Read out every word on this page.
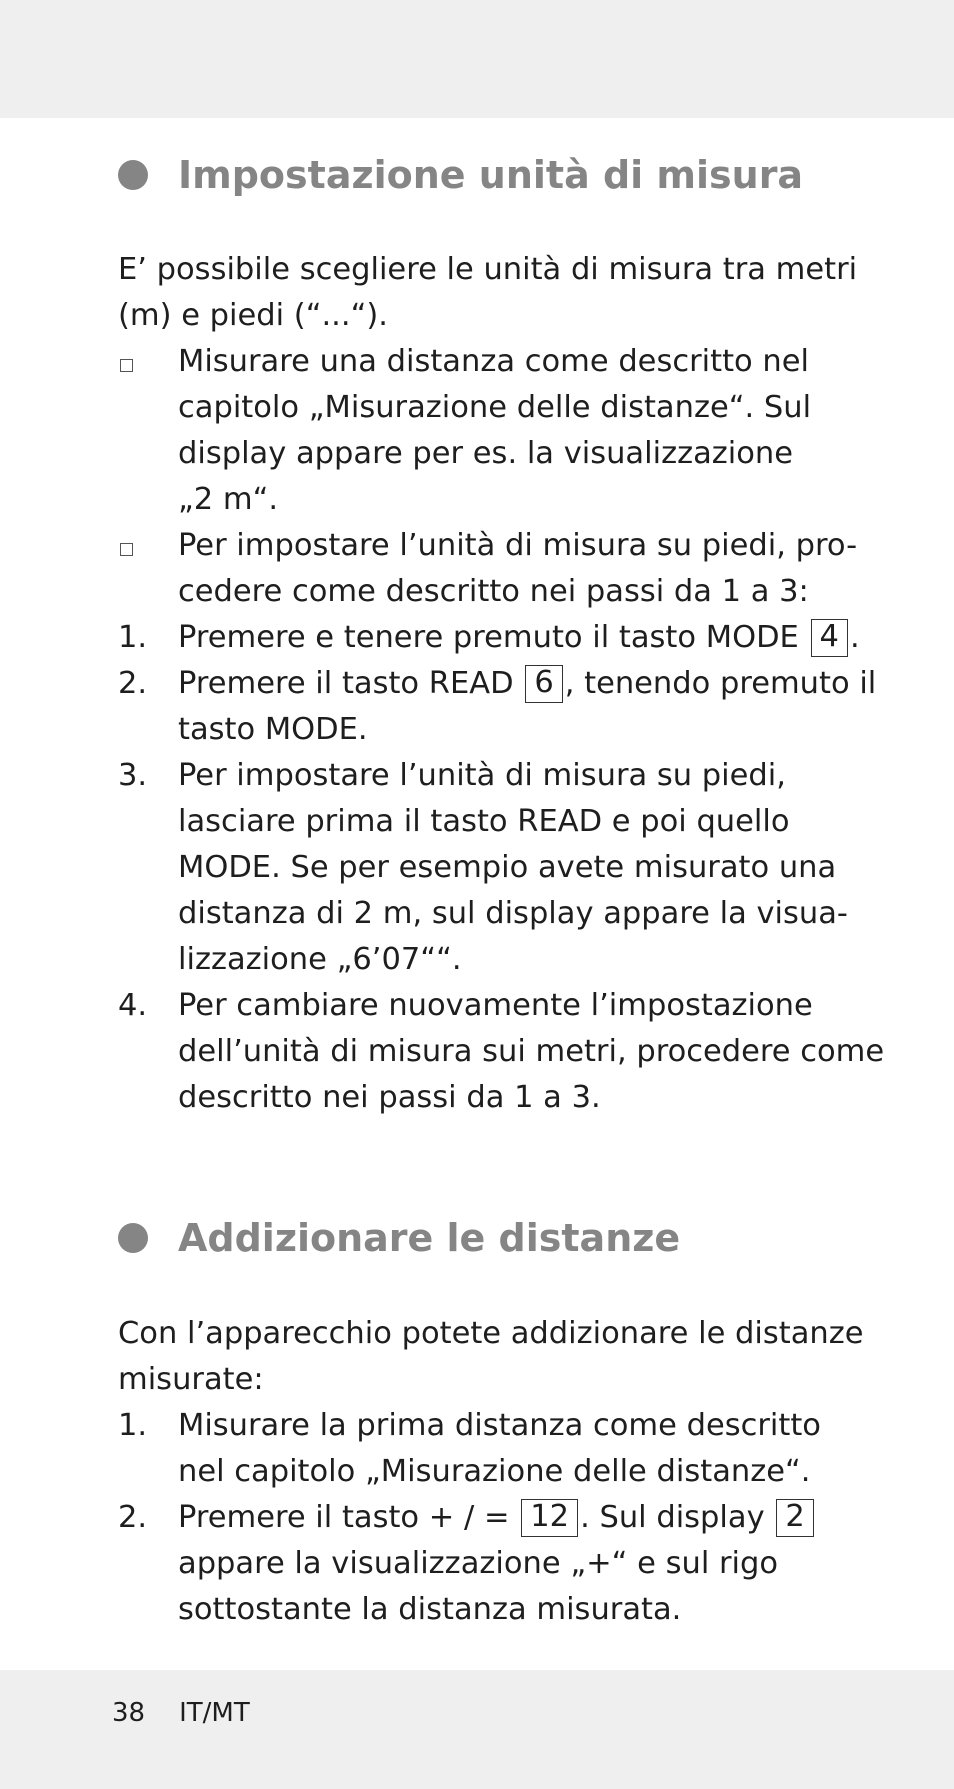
Impostazione unità di misura

E’ possibile scegliere le unità di misura tra metri

(m) e piedi (“...“).

Misurare una distanza come descritto nel
capitolo „Misurazione delle distanze“. Sul
display appare per es. la visualizzazione
„2 m“.
Per impostare l’unità di misura su piedi, pro-
cedere come descritto nei passi da 1 a 3:
1. Premere e tenere premuto il tasto MODE 4 .
2. Premere il tasto READ 6 , tenendo premuto il
tasto MODE.
3. Per impostare l’unità di misura su piedi,
lasciare prima il tasto READ e poi quello
MODE. Se per esempio avete misurato una
distanza di 2 m, sul display appare la visua-
lizzazione „6’07““.
4. Per cambiare nuovamente l’impostazione
dell’unità di misura sui metri, procedere come
descritto nei passi da 1 a 3.
Addizionare le distanze

Con l’apparecchio potete addizionare le distanze

misurate:

1. Misurare la prima distanza come descritto
nel capitolo „Misurazione delle distanze“.
2. Premere il tasto + / = 12 . Sul display 2
appare la visualizzazione „+“ e sul rigo
sottostante la distanza misurata.
38 IT/MT
